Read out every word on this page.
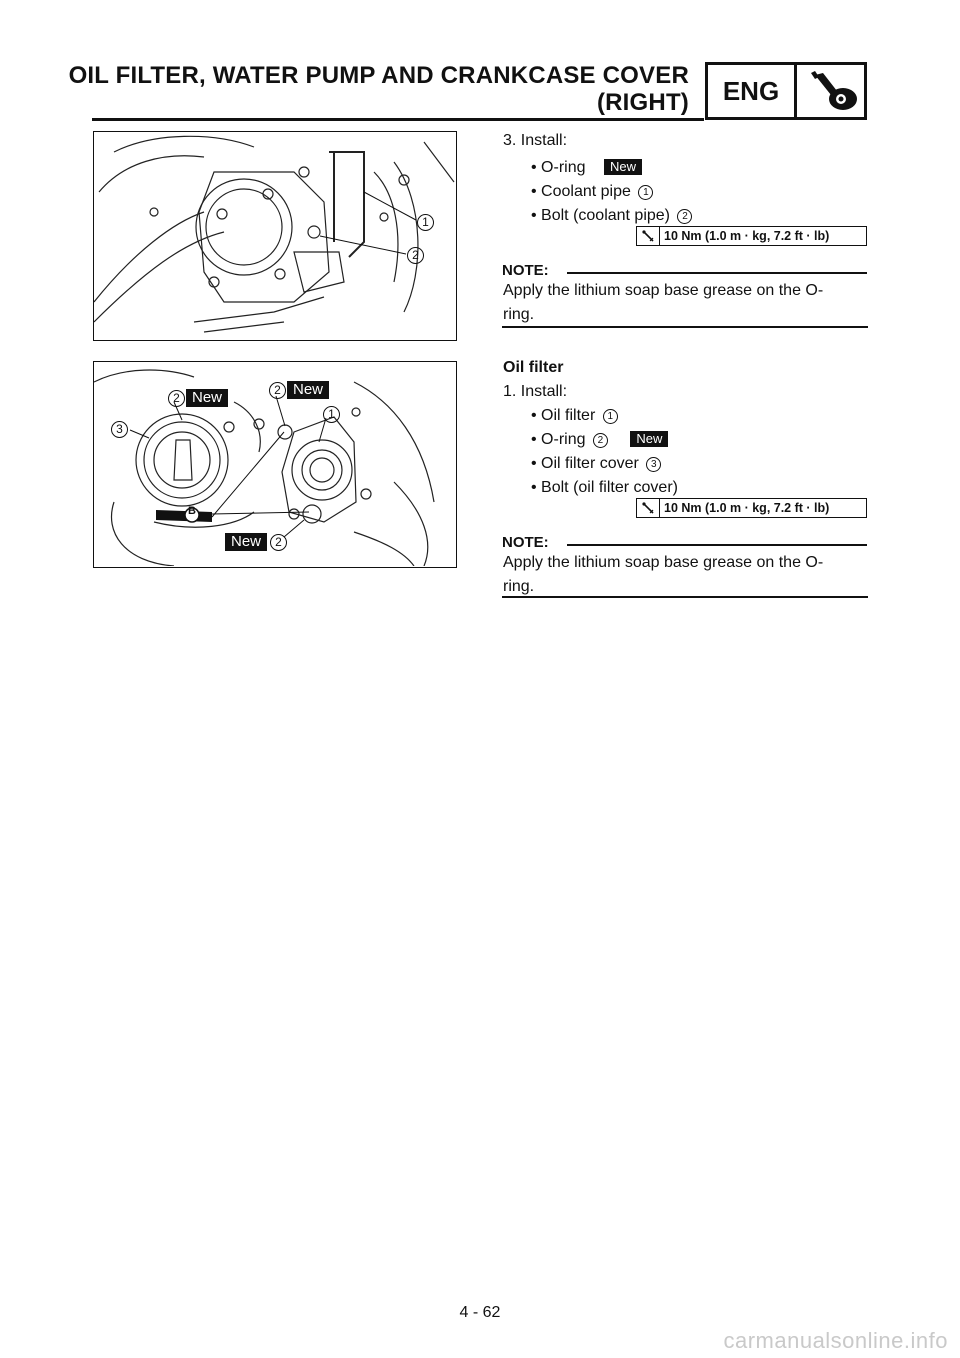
OIL FILTER, WATER PUMP AND CRANKCASE COVER
(RIGHT)	ENG
1
2
2 New	2 New
1
3
B
New	2
3. Install:
• O-ring New
• Coolant pipe 1
• Bolt (coolant pipe) 2
10 Nm (1.0 m · kg, 7.2 ft · lb)
NOTE:
Apply the lithium soap base grease on the O-
ring.
Oil filter
1. Install:
• Oil filter 1
• O-ring 2	New
• Oil filter cover 3
• Bolt (oil filter cover)
10 Nm (1.0 m · kg, 7.2 ft · lb)
NOTE:
Apply the lithium soap base grease on the O-
ring.
4 - 62
carmanualsonline.info
